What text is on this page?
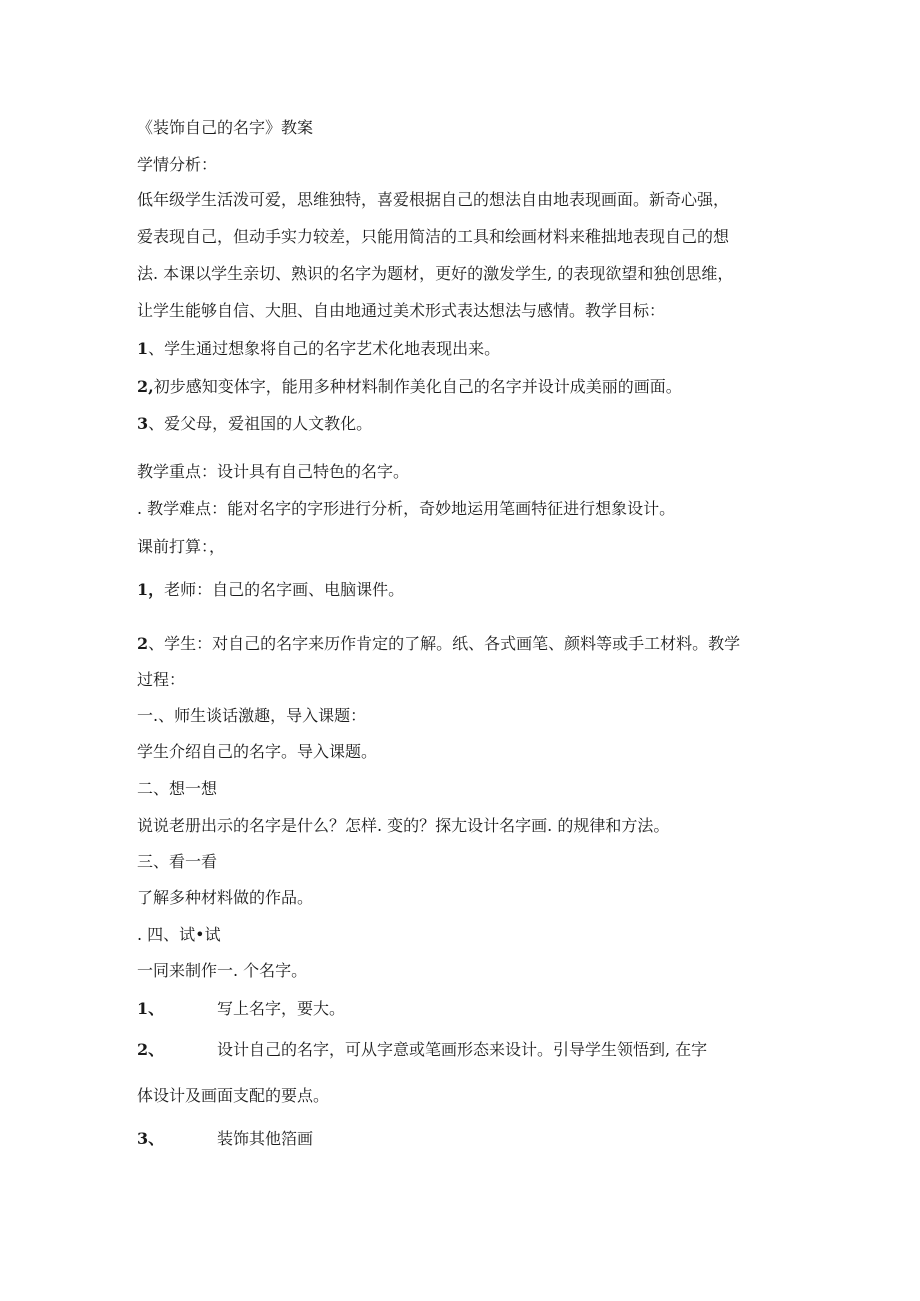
《装饰自己的名字》教案

学情分析：

低年级学生活泼可爱，思维独特，喜爱根据自己的想法自由地表现画面。新奇心强，

爱表现自己，但动手实力较差，只能用简洁的工具和绘画材料来稚拙地表现自己的想

法. 本课以学生亲切、熟识的名字为题材，更好的激发学生, 的表现欲望和独创思维，

让学生能够自信、大胆、自由地通过美术形式表达想法与感情。教学目标：

1、学生通过想象将自己的名字艺术化地表现出来。

2,初步感知变体字，能用多种材料制作美化自己的名字并设计成美丽的画面。

3、爱父母，爱祖国的人文教化。

教学重点：设计具有自己特色的名字。

. 教学难点：能对名字的字形进行分析，奇妙地运用笔画特征进行想象设计。

课前打算：，

1，老师：自己的名字画、电脑课件。

2、学生：对自己的名字来历作肯定的了解。纸、各式画笔、颜料等或手工材料。教学

过程：

一.、师生谈话激趣，导入课题：

学生介绍自己的名字。导入课题。

二、想一想

说说老册出示的名字是什么？怎样. 变的？探尢设计名字画. 的规律和方法。

三、看一看

了解多种材料做的作品。

. 四、试•试

一同来制作一. 个名字。

1、	写上名字，要大。

2、	设计自己的名字，可从字意或笔画形态来设计。引导学生领悟到, 在字

体设计及画面支配的要点。

3、	装饰其他箔画
